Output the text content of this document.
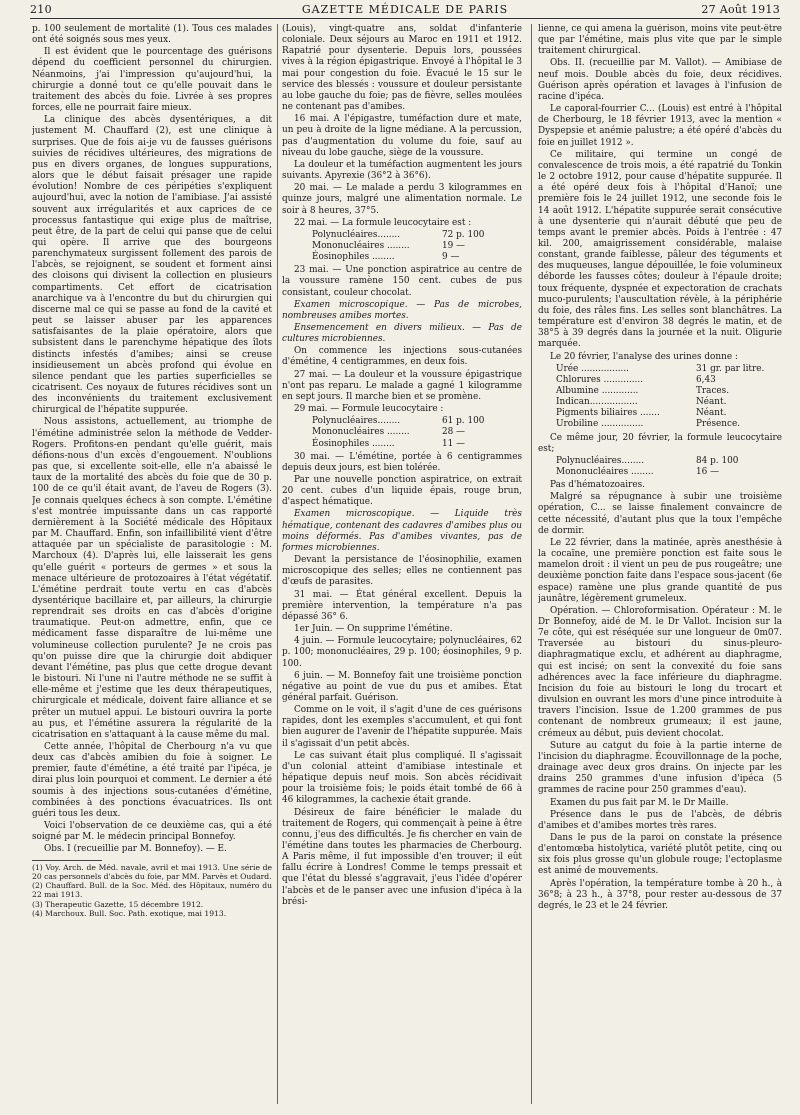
210	GAZETTE MÉDICALE DE PARIS	27 Août 1913

p. 100 seulement de mortalité (1). Tous ces malades ont été soignés sous mes yeux.

Il est évident que le pourcentage des guérisons dépend du coefficient personnel du chirurgien. Néanmoins, j'ai l'impression qu'aujourd'hui, la chirurgie a donné tout ce qu'elle pouvait dans le traitement des abcès du foie. Livrée à ses propres forces, elle ne pourrait faire mieux.

La clinique des abcès dysentériques, a dit justement M. Chauffard (2), est une clinique à surprises. Que de fois ai-je vu de fausses guérisons suivies de récidives ultérieures, des migrations de pus en divers organes, de longues suppurations, alors que le début faisait présager une rapide évolution! Nombre de ces péripéties s'expliquent aujourd'hui, avec la notion de l'amibiase. J'ai assisté souvent aux irrégularités et aux caprices de ce processus fantastique qui exige plus de maîtrise, peut être, de la part de celui qui panse que de celui qui opère. Il arrive que des bourgeons parenchymateux surgissent follement des parois de l'abcès, se rejoignent, se soudent et forment ainsi des cloisons qui divisent la collection en plusieurs compartiments. Cet effort de cicatrisation anarchique va à l'encontre du but du chirurgien qui discerne mal ce qui se passe au fond de la cavité et peut se laisser abuser par les apparences satisfaisantes de la plaie opératoire, alors que subsistent dans le parenchyme hépatique des îlots distincts infestés d'amibes; ainsi se creuse insidieusement un abcès profond qui évolue en silence pendant que les parties superficielles se cicatrisent. Ces noyaux de futures récidives sont un des inconvénients du traitement exclusivement chirurgical de l'hépatite suppurée.

Nous assistons, actuellement, au triomphe de l'émétine administrée selon la méthode de Vedder-Rogers. Profitons-en pendant qu'elle guérit, mais défions-nous d'un excès d'engouement. N'oublions pas que, si excellente soit-elle, elle n'a abaissé le taux de la mortalité des abcès du foie que de 30 p. 100 de ce qu'il était avant, de l'aveu de Rogers (3). Je connais quelques échecs à son compte. L'émétine s'est montrée impuissante dans un cas rapporté dernièrement à la Société médicale des Hôpitaux par M. Chauffard. Enfin, son infaillibilité vient d'être attaquée par un spécialiste de parasitologie : M. Marchoux (4). D'après lui, elle laisserait les gens qu'elle guérit « porteurs de germes » et sous la menace ultérieure de protozoaires à l'état végétatif. L'émétine perdrait toute vertu en cas d'abcès dysentérique bacillaire et, par ailleurs, la chirurgie reprendrait ses droits en cas d'abcès d'origine traumatique. Peut-on admettre, enfin, que ce médicament fasse disparaître de lui-même une volumineuse collection purulente? Je ne crois pas qu'on puisse dire que la chirurgie doit abdiquer devant l'émétine, pas plus que cette drogue devant le bistouri. Ni l'une ni l'autre méthode ne se suffit à elle-même et j'estime que les deux thérapeutiques, chirurgicale et médicale, doivent faire alliance et se prêter un mutuel appui. Le bistouri ouvrira la porte au pus, et l'émétine assurera la régularité de la cicatrisation en s'attaquant à la cause même du mal.

Cette année, l'hôpital de Cherbourg n'a vu que deux cas d'abcès amibien du foie à soigner. Le premier, faute d'émétine, a été traité par l'ipéca, je dirai plus loin pourquoi et comment. Le dernier a été soumis à des injections sous-cutanées d'émétine, combinées à des ponctions évacuatrices. Ils ont guéri tous les deux.

Voici l'observation de ce deuxième cas, qui a été soigné par M. le médecin principal Bonnefoy.

Obs. I (recueillie par M. Bonnefoy). — E.

(1) Voy. Arch. de Méd. navale, avril et mai 1913. Une série de 20 cas personnels d'abcès du foie, par MM. Parvès et Oudard.

(2) Chauffard. Bull. de la Soc. Méd. des Hôpitaux, numéro du 22 mai 1913.

(3) Therapeutic Gazette, 15 décembre 1912.

(4) Marchoux. Bull. Soc. Path. exotique, mai 1913.

(Louis), vingt-quatre ans, soldat d'infanterie coloniale. Deux séjours au Maroc en 1911 et 1912. Rapatrié pour dysenterie. Depuis lors, poussées vives à la région épigastrique. Envoyé à l'hôpital le 3 mai pour congestion du foie. Évacué le 15 sur le service des blessés : voussure et douleur persistante au lobe gauche du foie; pas de fièvre, selles moulées ne contenant pas d'amibes.

16 mai. A l'épigastre, tuméfaction dure et mate, un peu à droite de la ligne médiane. A la percussion, pas d'augmentation du volume du foie, sauf au niveau du lobe gauche, siège de la voussure.

La douleur et la tuméfaction augmentent les jours suivants. Apyrexie (36°2 à 36°6).

20 mai. — Le malade a perdu 3 kilogrammes en quinze jours, malgré une alimentation normale. Le soir à 8 heures, 37°5.

22 mai. — La formule leucocytaire est :

Polynucléaires........	72 p. 100
Mononucléaires ........	19 —
Éosinophiles ........	9 —

23 mai. — Une ponction aspiratrice au centre de la voussure ramène 150 cent. cubes de pus consistant, couleur chocolat.

Examen microscopique. — Pas de microbes, nombreuses amibes mortes.

Ensemencement en divers milieux. — Pas de cultures microbiennes.

On commence les injections sous-cutanées d'émétine, 4 centigrammes, en deux fois.

27 mai. — La douleur et la voussure épigastrique n'ont pas reparu. Le malade a gagné 1 kilogramme en sept jours. Il marche bien et se promène.

29 mai. — Formule leucocytaire :

Polynucléaires........	61 p. 100
Mononucléaires ........	28 —
Éosinophiles ........	11 —

30 mai. — L'émétine, portée à 6 centigrammes depuis deux jours, est bien tolérée.

Par une nouvelle ponction aspiratrice, on extrait 20 cent. cubes d'un liquide épais, rouge brun, d'aspect hématique.

Examen microscopique. — Liquide très hématique, contenant des cadavres d'amibes plus ou moins déformés. Pas d'amibes vivantes, pas de formes microbiennes.

Devant la persistance de l'éosinophilie, examen microscopique des selles; elles ne contiennent pas d'œufs de parasites.

31 mai. — État général excellent. Depuis la première intervention, la température n'a pas dépassé 36° 6.

1er Juin. — On supprime l'émétine.

4 juin. — Formule leucocytaire; polynucléaires, 62 p. 100; mononucléaires, 29 p. 100; éosinophiles, 9 p. 100.

6 juin. — M. Bonnefoy fait une troisième ponction négative au point de vue du pus et amibes. État général parfait. Guérison.

Comme on le voit, il s'agit d'une de ces guérisons rapides, dont les exemples s'accumulent, et qui font bien augurer de l'avenir de l'hépatite suppurée. Mais il s'agissait d'un petit abcès.

Le cas suivant était plus compliqué. Il s'agissait d'un colonial atteint d'amibiase intestinale et hépatique depuis neuf mois. Son abcès récidivait pour la troisième fois; le poids était tombé de 66 à 46 kilogrammes, la cachexie était grande.

Désireux de faire bénéficier le malade du traitement de Rogers, qui commençait à peine à être connu, j'eus des difficultés. Je fis chercher en vain de l'émétine dans toutes les pharmacies de Cherbourg. A Paris même, il fut impossible d'en trouver; il eût fallu écrire à Londres! Comme le temps pressait et que l'état du blessé s'aggravait, j'eus l'idée d'opérer l'abcès et de le panser avec une infusion d'ipéca à la brési-

lienne, ce qui amena la guérison, moins vite peut-être que par l'émétine, mais plus vite que par le simple traitement chirurgical.

Obs. II. (recueillie par M. Vallot). — Amibiase de neuf mois. Double abcès du foie, deux récidives. Guérison après opération et lavages à l'infusion de racine d'ipéca.

Le caporal-fourrier C... (Louis) est entré à l'hôpital de Cherbourg, le 18 février 1913, avec la mention « Dyspepsie et anémie palustre; a été opéré d'abcès du foie en juillet 1912 ».

Ce militaire, qui termine un congé de convalescence de trois mois, a été rapatrié du Tonkin le 2 octobre 1912, pour cause d'hépatite suppurée. Il a été opéré deux fois à l'hôpital d'Hanoï; une première fois le 24 juillet 1912, une seconde fois le 14 août 1912. L'hépatite suppurée serait consécutive à une dysenterie qui n'aurait débuté que peu de temps avant le premier abcès. Poids à l'entrée : 47 kil. 200, amaigrissement considérable, malaise constant, grande faiblesse, pâleur des téguments et des muqueuses, langue dépouillée, le foie volumineux déborde les fausses côtes; douleur à l'épaule droite; toux fréquente, dyspnée et expectoration de crachats muco-purulents; l'auscultation révèle, à la périphérie du foie, des râles fins. Les selles sont blanchâtres. La température est d'environ 38 degrés le matin, et de 38°5 à 39 degrés dans la journée et la nuit. Oligurie marquée.

Le 20 février, l'analyse des urines donne :

Urée .................	31 gr. par litre.
Chlorures ..............	6,43
Albumine .............	Traces.
Indican.................	Néant.
Pigments biliaires .......	Néant.
Urobiline ...............	Présence.

Ce même jour, 20 février, la formule leucocytaire est;

Polynucléaires........	84 p. 100
Mononucléaires ........	16 —

Pas d'hématozoaires.

Malgré sa répugnance à subir une troisième opération, C... se laisse finalement convaincre de cette nécessité, d'autant plus que la toux l'empêche de dormir.

Le 22 février, dans la matinée, après anesthésie à la cocaïne, une première ponction est faite sous le mamelon droit : il vient un peu de pus rougeâtre; une deuxième ponction faite dans l'espace sous-jacent (6e espace) ramène une plus grande quantité de pus jaunâtre, légèrement grumeleux.

Opération. — Chloroformisation. Opérateur : M. le Dr Bonnefoy, aidé de M. le Dr Vallot. Incision sur la 7e côte, qui est réséquée sur une longueur de 0m07. Traversée au bistouri du sinus-pleuro-diaphragmatique exclu, et adhérent au diaphragme, qui est incisé; on sent la convexité du foie sans adhérences avec la face inférieure du diaphragme. Incision du foie au bistouri le long du trocart et divulsion en ouvrant les mors d'une pince introduite à travers l'incision. Issue de 1.200 grammes de pus contenant de nombreux grumeaux; il est jaune, crémeux au début, puis devient chocolat.

Suture au catgut du foie à la partie interne de l'incision du diaphragme. Écouvillonnage de la poche, drainage avec deux gros drains. On injecte par les drains 250 grammes d'une infusion d'ipéca (5 grammes de racine pour 250 grammes d'eau).

Examen du pus fait par M. le Dr Maille.

Présence dans le pus de l'abcès, de débris d'amibes et d'amibes mortes très rares.

Dans le pus de la paroi on constate la présence d'entomœba histolytica, variété plutôt petite, cinq ou six fois plus grosse qu'un globule rouge; l'ectoplasme est animé de mouvements.

Après l'opération, la température tombe à 20 h., à 36°8; à 23 h., à 37°8, pour rester au-dessous de 37 degrés, le 23 et le 24 février.
